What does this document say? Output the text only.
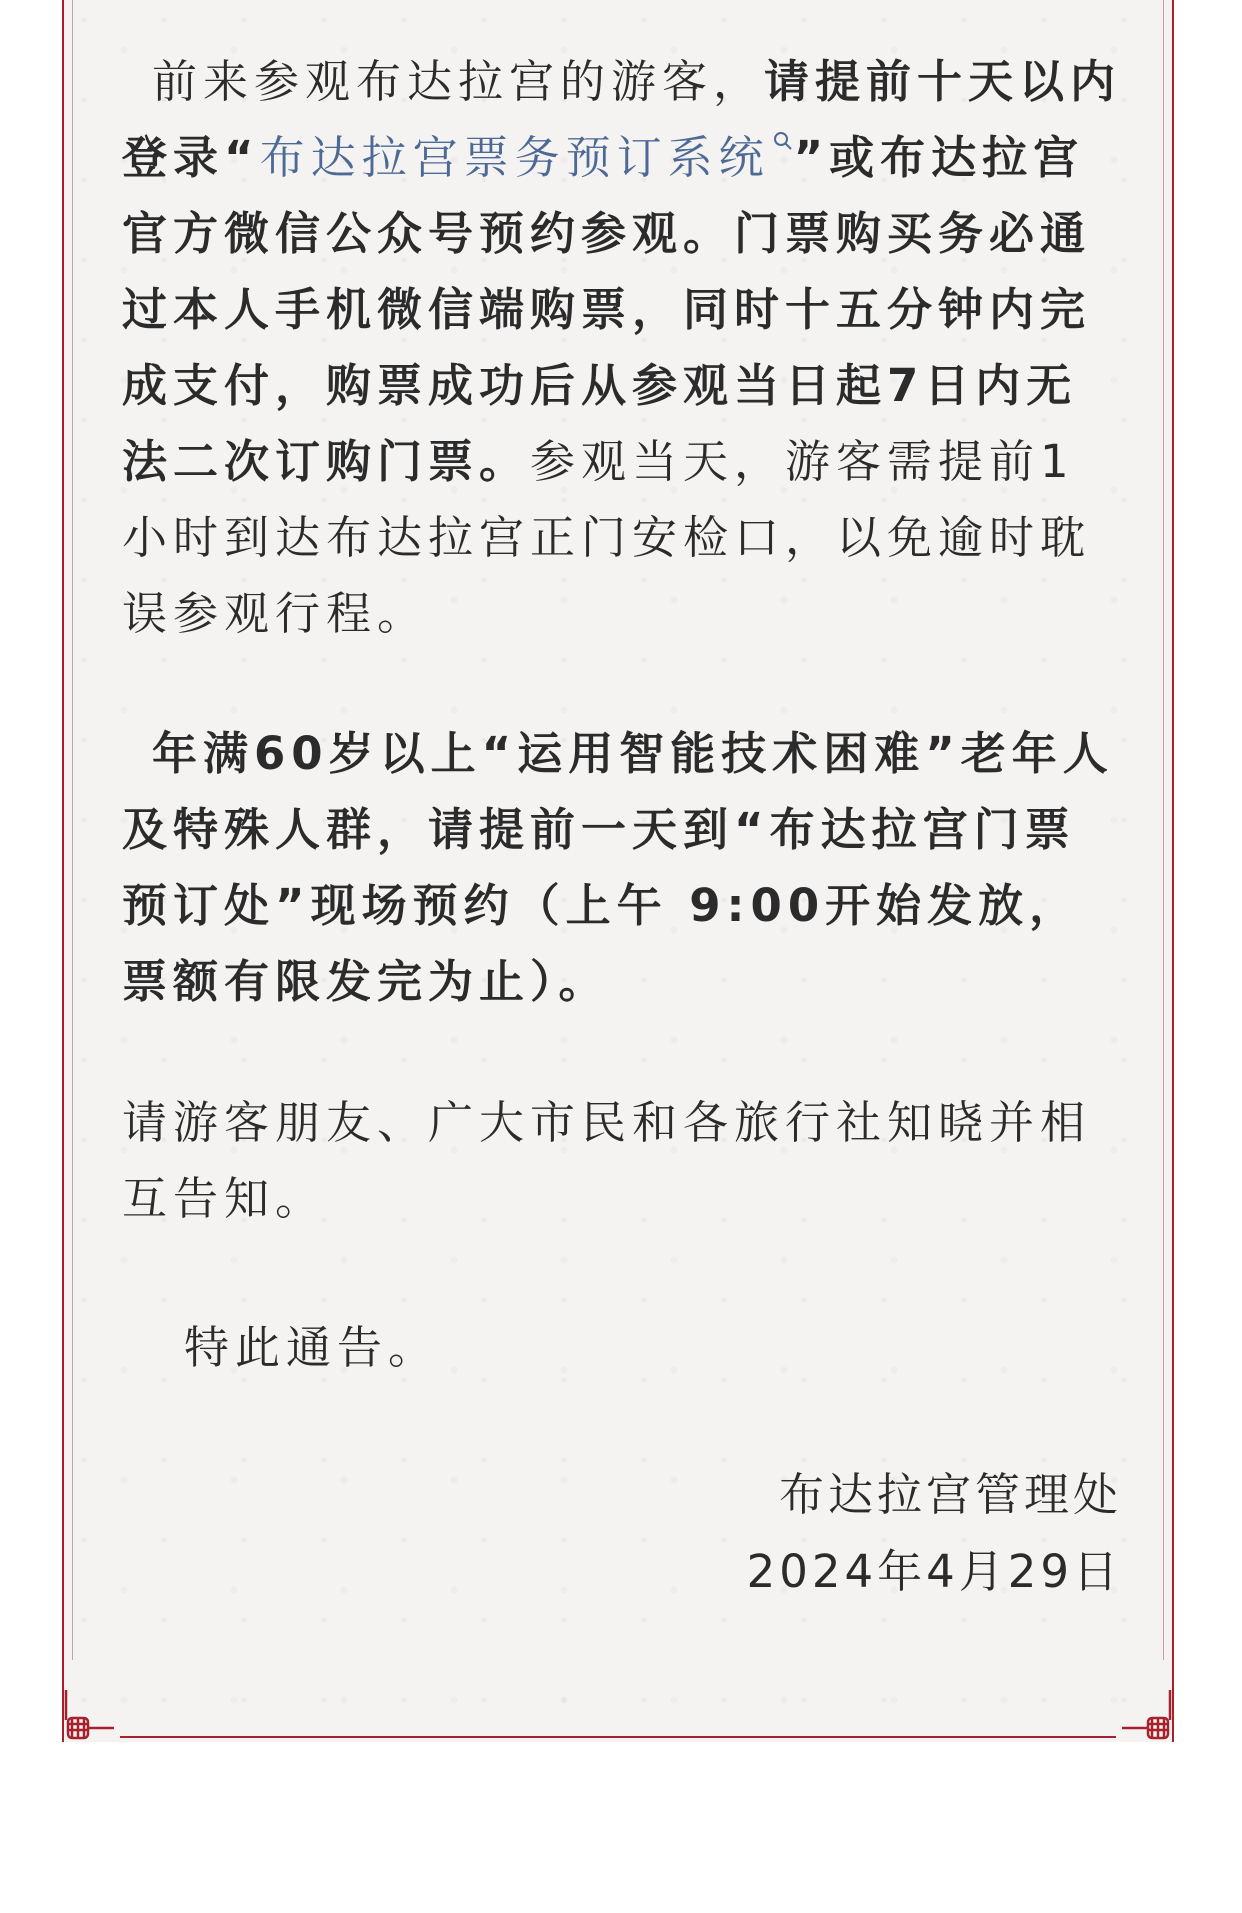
前来参观布达拉宫的游客，请提前十天以内登录“布达拉宫票务预订系统 ”或布达拉宫官方微信公众号预约参观。门票购买务必通过本人手机微信端购票，同时十五分钟内完成支付，购票成功后从参观当日起7日内无法二次订购门票。参观当天，游客需提前1小时到达布达拉宫正门安检口，以免逾时耽误参观行程。

年满60岁以上“运用智能技术困难”老年人及特殊人群，请提前一天到“布达拉宫门票预订处”现场预约（上午 9:00开始发放，票额有限发完为止）。

请游客朋友、广大市民和各旅行社知晓并相互告知。

特此通告。

布达拉宫管理处
2024年4月29日
